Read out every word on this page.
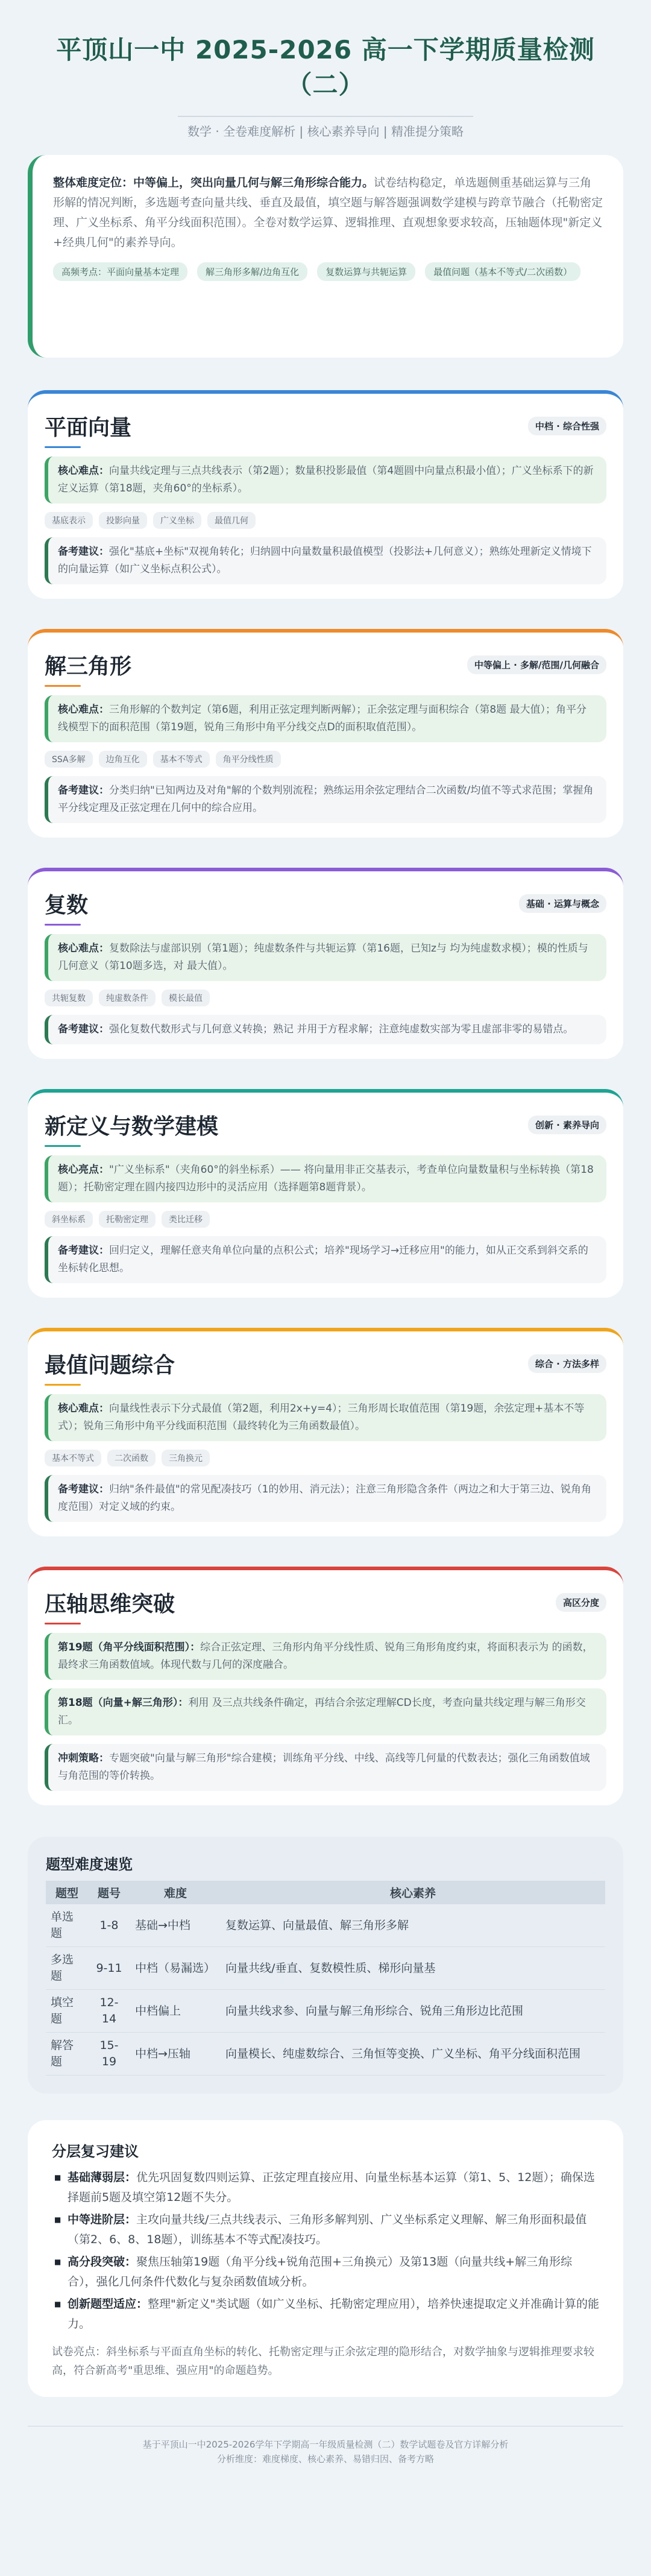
平顶山一中 2025-2026 高一下学期质量检测（二）
数学 · 全卷难度解析 | 核心素养导向 | 精准提分策略

整体难度定位：中等偏上，突出向量几何与解三角形综合能力。试卷结构稳定，单选题侧重基础运算与三角形解的情况判断，多选题考查向量共线、垂直及最值，填空题与解答题强调数学建模与跨章节融合（托勒密定理、广义坐标系、角平分线面积范围）。全卷对数学运算、逻辑推理、直观想象要求较高，压轴题体现"新定义+经典几何"的素养导向。

高频考点：平面向量基本定理	解三角形多解/边角互化	复数运算与共轭运算	最值问题（基本不等式/二次函数）
平面向量	中档 · 综合性强
核心难点：向量共线定理与三点共线表示（第2题）；数量积投影最值（第4题圆中向量点积最小值）；广义坐标系下的新定义运算（第18题，夹角60°的坐标系）。
基底表示	投影向量	广义坐标	最值几何
备考建议：强化"基底+坐标"双视角转化；归纳圆中向量数量积最值模型（投影法+几何意义）；熟练处理新定义情境下的向量运算（如广义坐标点积公式）。
解三角形	中等偏上 · 多解/范围/几何融合
核心难点：三角形解的个数判定（第6题，利用正弦定理判断两解）；正余弦定理与面积综合（第8题 最大值）；角平分线模型下的面积范围（第19题，锐角三角形中角平分线交点D的面积取值范围）。
SSA多解	边角互化	基本不等式	角平分线性质
备考建议：分类归纳"已知两边及对角"解的个数判别流程；熟练运用余弦定理结合二次函数/均值不等式求范围；掌握角平分线定理及正弦定理在几何中的综合应用。
复数	基础 · 运算与概念
核心难点：复数除法与虚部识别（第1题）；纯虚数条件与共轭运算（第16题，已知z与 均为纯虚数求模）；模的性质与几何意义（第10题多选，对 最大值）。
共轭复数	纯虚数条件	模长最值
备考建议：强化复数代数形式与几何意义转换；熟记 并用于方程求解；注意纯虚数实部为零且虚部非零的易错点。
新定义与数学建模	创新 · 素养导向
核心亮点："广义坐标系"（夹角60°的斜坐标系）—— 将向量用非正交基表示，考查单位向量数量积与坐标转换（第18题）；托勒密定理在圆内接四边形中的灵活应用（选择题第8题背景）。
斜坐标系	托勒密定理	类比迁移
备考建议：回归定义，理解任意夹角单位向量的点积公式；培养"现场学习→迁移应用"的能力，如从正交系到斜交系的坐标转化思想。
最值问题综合	综合 · 方法多样
核心难点：向量线性表示下分式最值（第2题，利用2x+y=4）；三角形周长取值范围（第19题，余弦定理+基本不等式）；锐角三角形中角平分线面积范围（最终转化为三角函数最值）。
基本不等式	二次函数	三角换元
备考建议：归纳"条件最值"的常见配凑技巧（1的妙用、消元法）；注意三角形隐含条件（两边之和大于第三边、锐角角度范围）对定义域的约束。
压轴思维突破	高区分度
第19题（角平分线面积范围）：综合正弦定理、三角形内角平分线性质、锐角三角形角度约束，将面积表示为 的函数，最终求三角函数值域。体现代数与几何的深度融合。
第18题（向量+解三角形）：利用 及三点共线条件确定，再结合余弦定理解CD长度，考查向量共线定理与解三角形交汇。
冲刺策略：专题突破"向量与解三角形"综合建模；训练角平分线、中线、高线等几何量的代数表达；强化三角函数值域与角范围的等价转换。
题型难度速览
题型	题号	难度	核心素养
单选题	1-8	基础→中档	复数运算、向量最值、解三角形多解
多选题	9-11	中档（易漏选）	向量共线/垂直、复数模性质、梯形向量基
填空题	12-14	中档偏上	向量共线求参、向量与解三角形综合、锐角三角形边比范围
解答题	15-19	中档→压轴	向量模长、纯虚数综合、三角恒等变换、广义坐标、角平分线面积范围
分层复习建议
■ 基础薄弱层：优先巩固复数四则运算、正弦定理直接应用、向量坐标基本运算（第1、5、12题）；确保选择题前5题及填空第12题不失分。
■ 中等进阶层：主攻向量共线/三点共线表示、三角形多解判别、广义坐标系定义理解、解三角形面积最值（第2、6、8、18题），训练基本不等式配凑技巧。
■ 高分段突破：聚焦压轴第19题（角平分线+锐角范围+三角换元）及第13题（向量共线+解三角形综合），强化几何条件代数化与复杂函数值域分析。
■ 创新题型适应：整理"新定义"类试题（如广义坐标、托勒密定理应用），培养快速提取定义并准确计算的能力。

试卷亮点：斜坐标系与平面直角坐标的转化、托勒密定理与正余弦定理的隐形结合，对数学抽象与逻辑推理要求较高，符合新高考"重思维、强应用"的命题趋势。

基于平顶山一中2025-2026学年下学期高一年级质量检测（二）数学试题卷及官方详解分析
分析维度：难度梯度、核心素养、易错归因、备考方略
